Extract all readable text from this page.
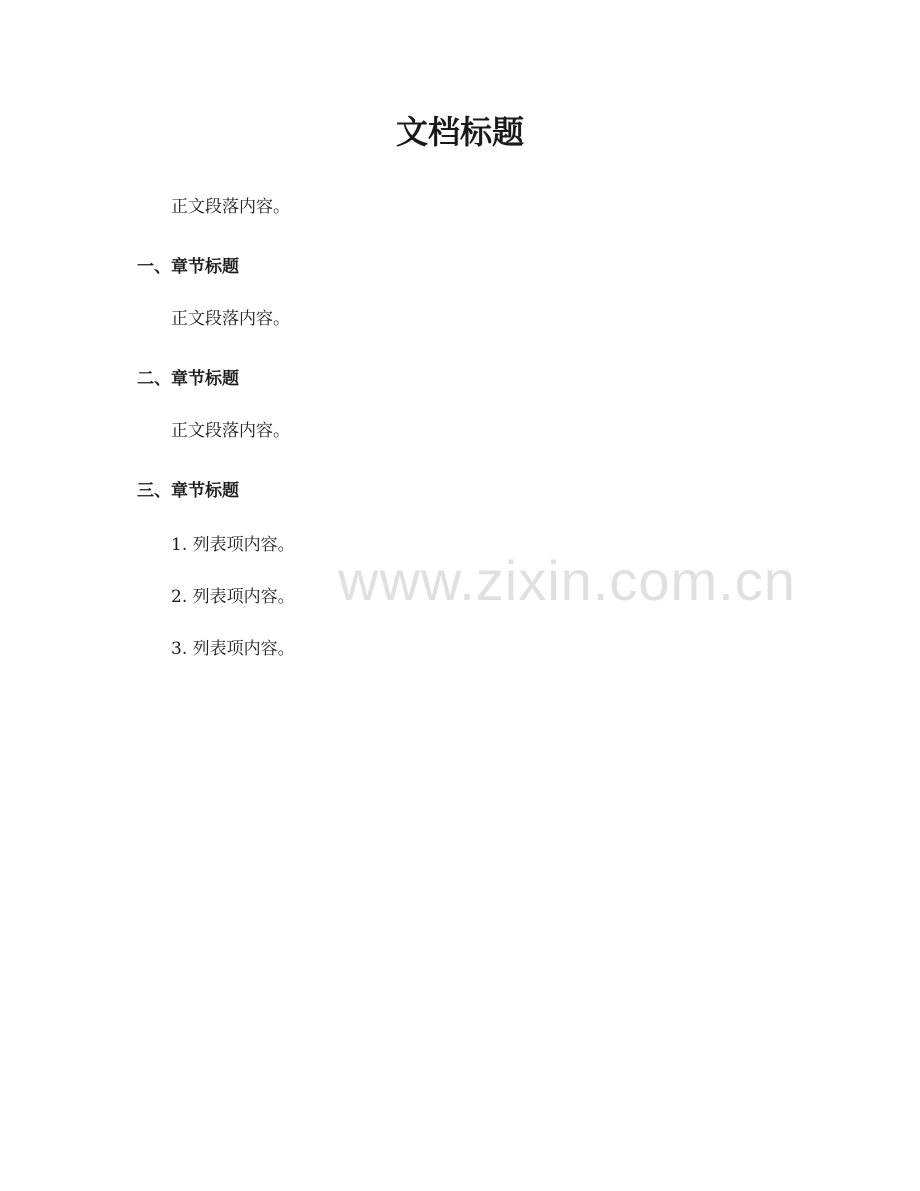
文档标题

正文段落内容。

一、章节标题

正文段落内容。

二、章节标题

正文段落内容。

三、章节标题

1. 列表项内容。

2. 列表项内容。

3. 列表项内容。

www.zixin.com.cn
